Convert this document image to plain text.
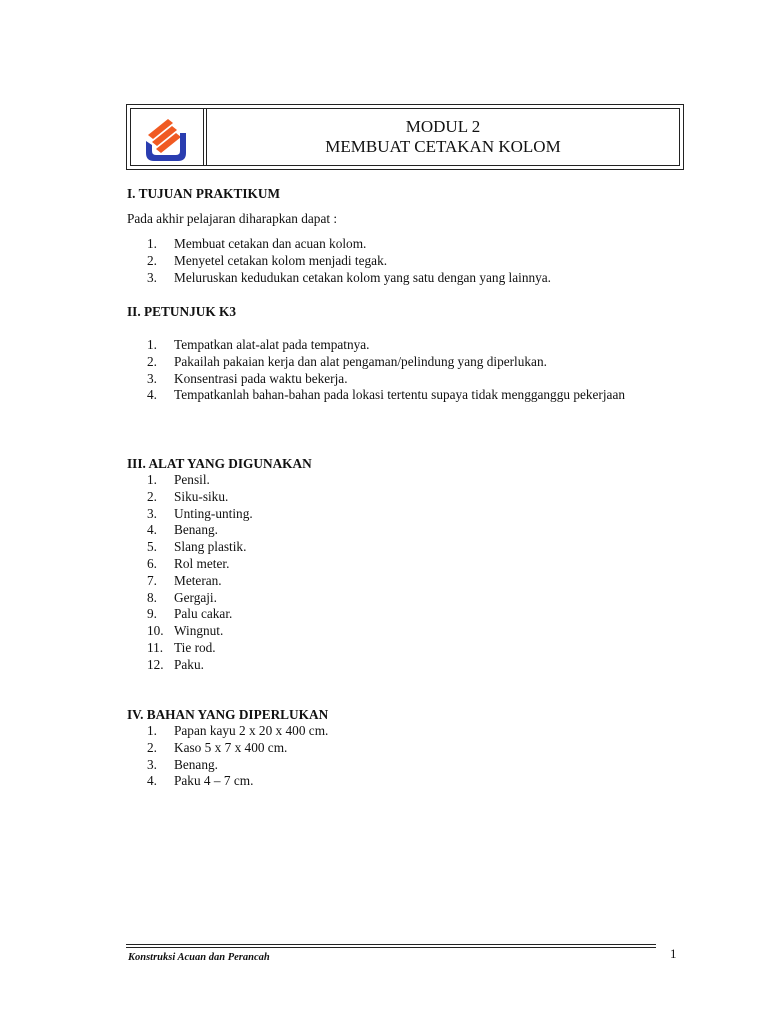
MODUL 2
MEMBUAT CETAKAN KOLOM
I. TUJUAN PRAKTIKUM
Pada akhir pelajaran diharapkan dapat :
1. Membuat cetakan dan acuan kolom.
2. Menyetel cetakan kolom menjadi tegak.
3. Meluruskan kedudukan cetakan kolom yang satu dengan yang lainnya.
II. PETUNJUK K3
1. Tempatkan alat-alat pada tempatnya.
2. Pakailah pakaian kerja dan alat pengaman/pelindung yang diperlukan.
3. Konsentrasi pada waktu bekerja.
4. Tempatkanlah bahan-bahan pada lokasi tertentu supaya tidak mengganggu pekerjaan
III. ALAT YANG DIGUNAKAN
1. Pensil.
2. Siku-siku.
3. Unting-unting.
4. Benang.
5. Slang plastik.
6. Rol meter.
7. Meteran.
8. Gergaji.
9. Palu cakar.
10. Wingnut.
11. Tie rod.
12. Paku.
IV. BAHAN YANG DIPERLUKAN
1. Papan kayu 2 x 20 x 400 cm.
2. Kaso 5 x 7 x 400 cm.
3. Benang.
4. Paku 4 – 7 cm.
Konstruksi Acuan dan Perancah	1
